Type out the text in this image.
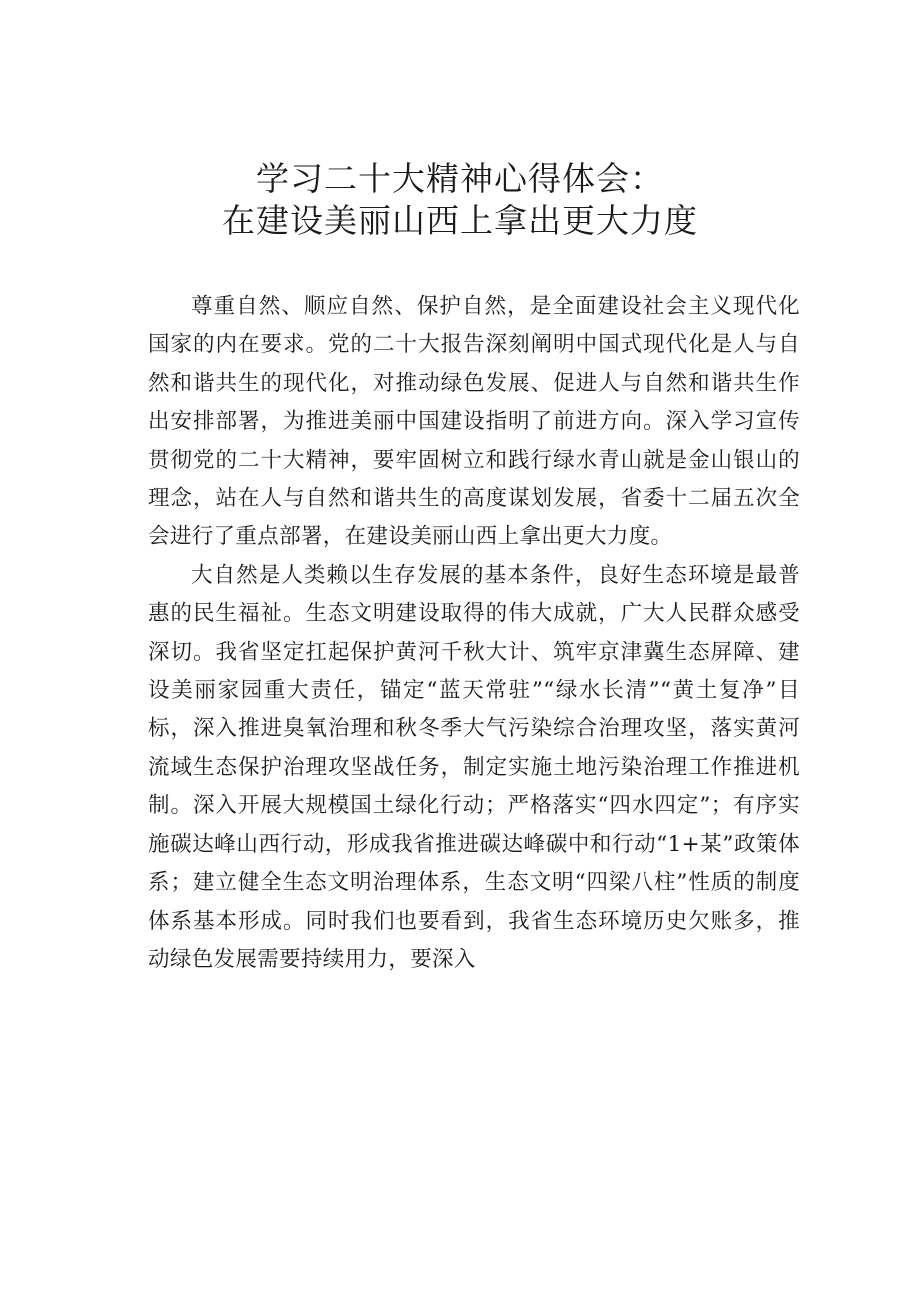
学习二十大精神心得体会：
在建设美丽山西上拿出更大力度

尊重自然、顺应自然、保护自然，是全面建设社会主义现代化国家的内在要求。党的二十大报告深刻阐明中国式现代化是人与自然和谐共生的现代化，对推动绿色发展、促进人与自然和谐共生作出安排部署，为推进美丽中国建设指明了前进方向。深入学习宣传贯彻党的二十大精神，要牢固树立和践行绿水青山就是金山银山的理念，站在人与自然和谐共生的高度谋划发展，省委十二届五次全会进行了重点部署，在建设美丽山西上拿出更大力度。

大自然是人类赖以生存发展的基本条件，良好生态环境是最普惠的民生福祉。生态文明建设取得的伟大成就，广大人民群众感受深切。我省坚定扛起保护黄河千秋大计、筑牢京津冀生态屏障、建设美丽家园重大责任，锚定“蓝天常驻”“绿水长清”“黄土复净”目标，深入推进臭氧治理和秋冬季大气污染综合治理攻坚，落实黄河流域生态保护治理攻坚战任务，制定实施土地污染治理工作推进机制。深入开展大规模国土绿化行动；严格落实“四水四定”；有序实施碳达峰山西行动，形成我省推进碳达峰碳中和行动“1+某”政策体系；建立健全生态文明治理体系，生态文明“四梁八柱”性质的制度体系基本形成。同时我们也要看到，我省生态环境历史欠账多，推动绿色发展需要持续用力，要深入
